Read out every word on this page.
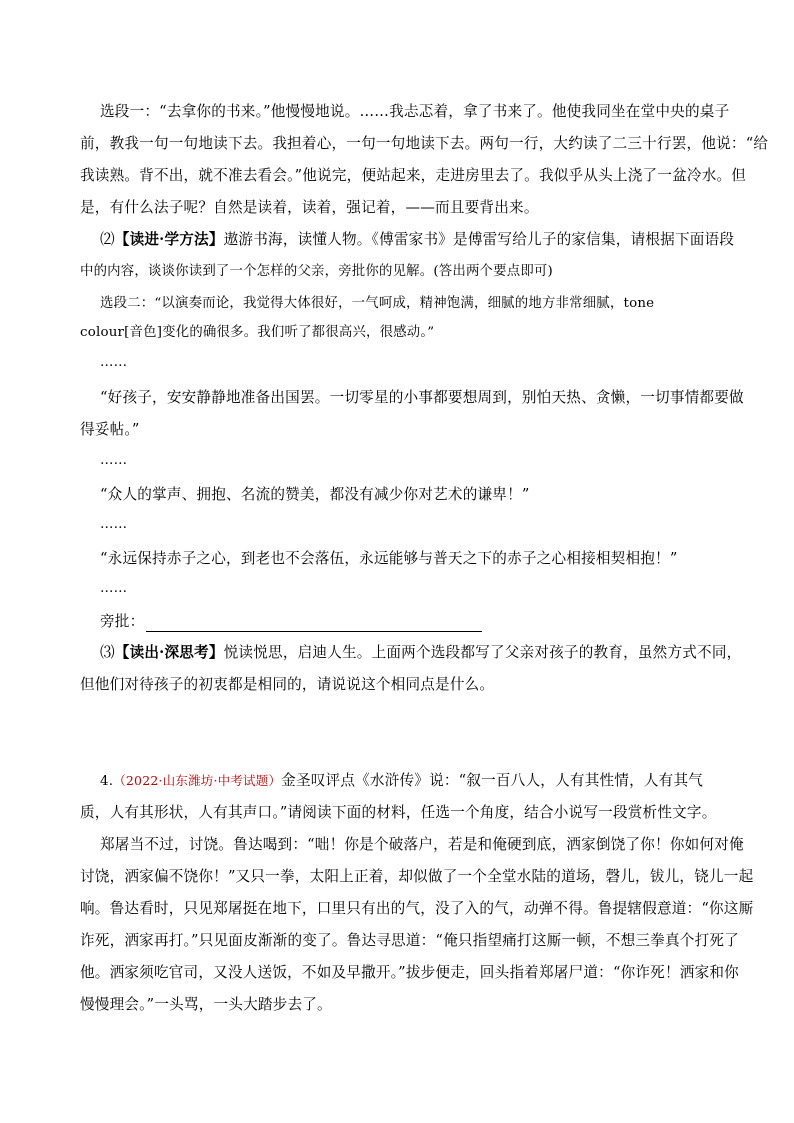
选段一：“去拿你的书来。”他慢慢地说。……我忐忑着，拿了书来了。他使我同坐在堂中央的桌子
前，教我一句一句地读下去。我担着心，一句一句地读下去。两句一行，大约读了二三十行罢，他说：“给
我读熟。背不出，就不准去看会。”他说完，便站起来，走进房里去了。我似乎从头上浇了一盆冷水。但
是，有什么法子呢？自然是读着，读着，强记着，——而且要背出来。
⑵【读进·学方法】遨游书海，读懂人物。《傅雷家书》是傅雷写给儿子的家信集，请根据下面语段
中的内容，谈谈你读到了一个怎样的父亲，旁批你的见解。(答出两个要点即可)
选段二：“以演奏而论，我觉得大体很好，一气呵成，精神饱满，细腻的地方非常细腻，tone
colour[音色]变化的确很多。我们听了都很高兴，很感动。”
……
“好孩子，安安静静地准备出国罢。一切零星的小事都要想周到，别怕天热、贪懒，一切事情都要做
得妥帖。”
……
“众人的掌声、拥抱、名流的赞美，都没有减少你对艺术的谦卑！”
……
“永远保持赤子之心，到老也不会落伍，永远能够与普天之下的赤子之心相接相契相抱！”
……
旁批：
⑶【读出·深思考】悦读悦思，启迪人生。上面两个选段都写了父亲对孩子的教育，虽然方式不同，
但他们对待孩子的初衷都是相同的，请说说这个相同点是什么。
4.（2022·山东潍坊·中考试题）金圣叹评点《水浒传》说：“叙一百八人，人有其性情，人有其气
质，人有其形状，人有其声口。”请阅读下面的材料，任选一个角度，结合小说写一段赏析性文字。
郑屠当不过，讨饶。鲁达喝到：“咄！你是个破落户，若是和俺硬到底，洒家倒饶了你！你如何对俺
讨饶，洒家偏不饶你！”又只一拳，太阳上正着，却似做了一个全堂水陆的道场，磬儿，钹儿，铙儿一起
响。鲁达看时，只见郑屠挺在地下，口里只有出的气，没了入的气，动弹不得。鲁提辖假意道：“你这厮
诈死，洒家再打。”只见面皮渐渐的变了。鲁达寻思道：“俺只指望痛打这厮一顿，不想三拳真个打死了
他。洒家须吃官司，又没人送饭，不如及早撒开。”拔步便走，回头指着郑屠尸道：“你诈死！洒家和你
慢慢理会。”一头骂，一头大踏步去了。
